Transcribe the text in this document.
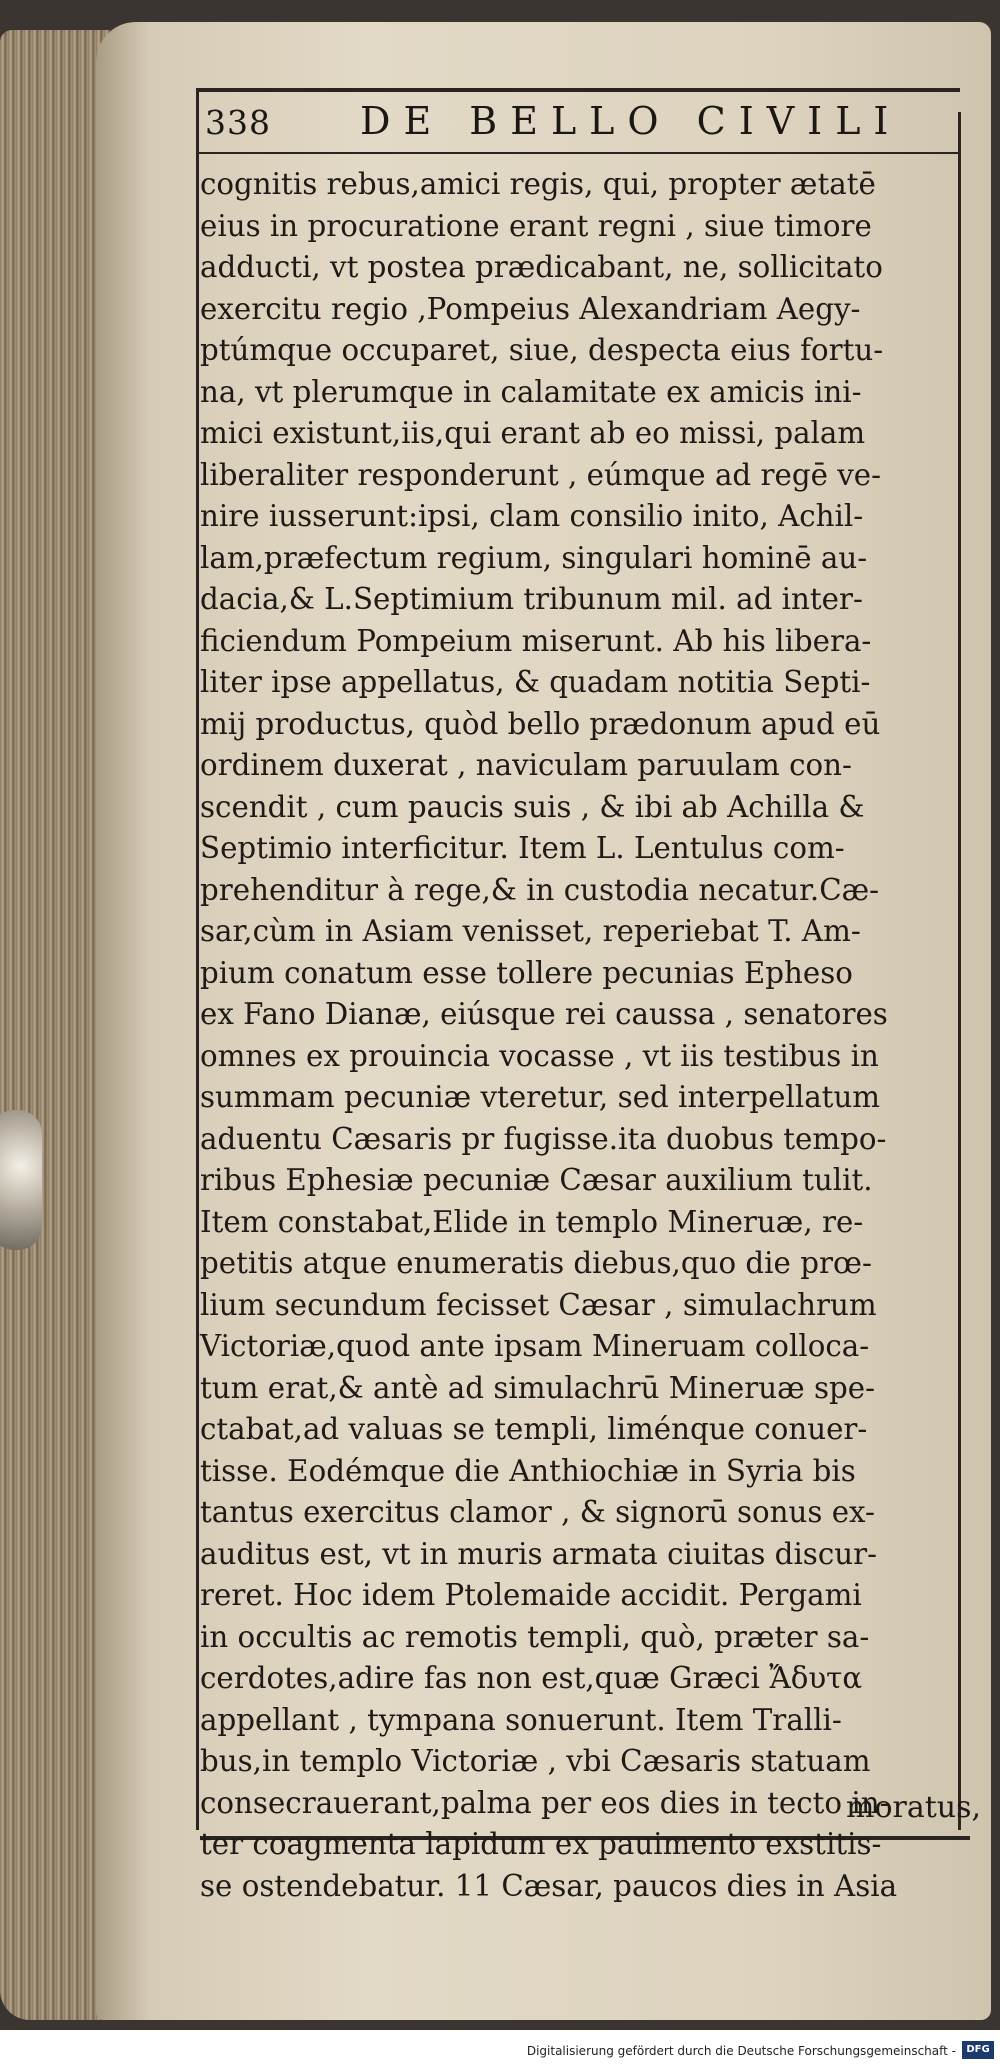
338 DE BELLO CIVILI
cognitis rebus,amici regis, qui, propter ætatē
eius in procuratione erant regni , siue timore
adducti, vt postea prædicabant, ne, sollicitato
exercitu regio ,Pompeius Alexandriam Aegy-
ptúmque occuparet, siue, despecta eius fortu-
na, vt plerumque in calamitate ex amicis ini-
mici existunt,iis,qui erant ab eo missi, palam
liberaliter responderunt , eúmque ad regē ve-
nire iusserunt:ipsi, clam consilio inito, Achil-
lam,præfectum regium, singulari hominē au-
dacia,& L.Septimium tribunum mil. ad inter-
ficiendum Pompeium miserunt. Ab his libera-
liter ipse appellatus, & quadam notitia Septi-
mij productus, quòd bello prædonum apud eū
ordinem duxerat , naviculam paruulam con-
scendit , cum paucis suis , & ibi ab Achilla &
Septimio interficitur. Item L. Lentulus com-
prehenditur à rege,& in custodia necatur.Cæ-
sar,cùm in Asiam venisset, reperiebat T. Am-
pium conatum esse tollere pecunias Epheso
ex Fano Dianæ, eiúsque rei caussa , senatores
omnes ex prouincia vocasse , vt iis testibus in
summam pecuniæ vteretur, sed interpellatum
aduentu Cæsaris pr fugisse.ita duobus tempo-
ribus Ephesiæ pecuniæ Cæsar auxilium tulit.
Item constabat,Elide in templo Mineruæ, re-
petitis atque enumeratis diebus,quo die prœ-
lium secundum fecisset Cæsar , simulachrum
Victoriæ,quod ante ipsam Mineruam colloca-
tum erat,& antè ad simulachrū Mineruæ spe-
ctabat,ad valuas se templi, liménque conuer-
tisse. Eodémque die Anthiochiæ in Syria bis
tantus exercitus clamor , & signorū sonus ex-
auditus est, vt in muris armata ciuitas discur-
reret. Hoc idem Ptolemaide accidit. Pergami
in occultis ac remotis templi, quò, præter sa-
cerdotes,adire fas non est,quæ Græci Ἄδυτα
appellant , tympana sonuerunt. Item Tralli-
bus,in templo Victoriæ , vbi Cæsaris statuam
consecrauerant,palma per eos dies in tecto in-
ter coagmenta lapidum ex pauimento exstitis-
se ostendebatur. 11 Cæsar, paucos dies in Asia
moratus,
Digitalisierung gefördert durch die Deutsche Forschungsgemeinschaft -	DFG
